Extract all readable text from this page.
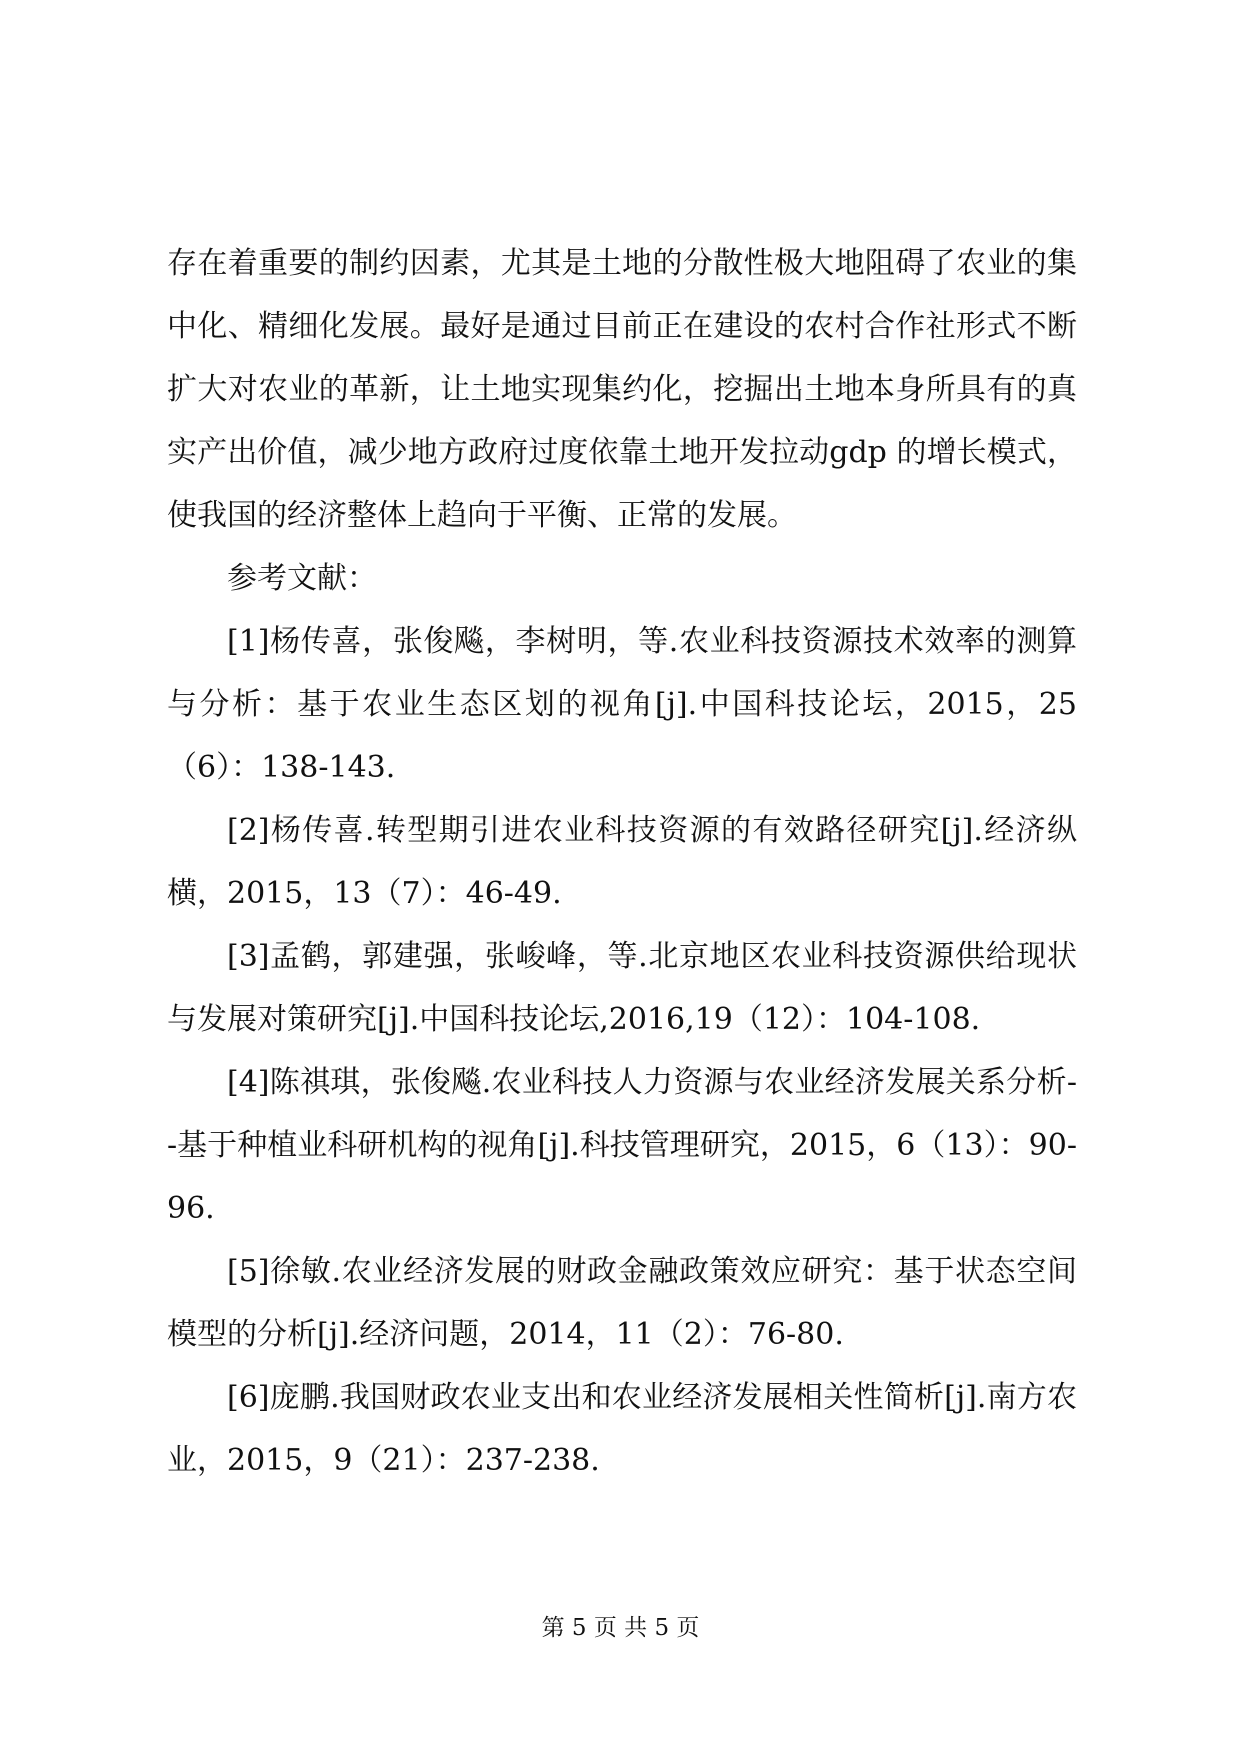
存在着重要的制约因素，尤其是土地的分散性极大地阻碍了农业的集中化、精细化发展。最好是通过目前正在建设的农村合作社形式不断扩大对农业的革新，让土地实现集约化，挖掘出土地本身所具有的真实产出价值，减少地方政府过度依靠土地开发拉动gdp 的增长模式，使我国的经济整体上趋向于平衡、正常的发展。

参考文献：

[1]杨传喜，张俊飚，李树明，等.农业科技资源技术效率的测算与分析：基于农业生态区划的视角[j].中国科技论坛，2015，25（6）：138-143.

[2]杨传喜.转型期引进农业科技资源的有效路径研究[j].经济纵横，2015，13（7）：46-49.

[3]孟鹤，郭建强，张峻峰，等.北京地区农业科技资源供给现状与发展对策研究[j].中国科技论坛,2016,19（12）：104-108.

[4]陈祺琪，张俊飚.农业科技人力资源与农业经济发展关系分析--基于种植业科研机构的视角[j].科技管理研究，2015，6（13）：90-96.

[5]徐敏.农业经济发展的财政金融政策效应研究：基于状态空间模型的分析[j].经济问题，2014，11（2）：76-80.

[6]庞鹏.我国财政农业支出和农业经济发展相关性简析[j].南方农业，2015，9（21）：237-238.

第 5 页 共 5 页
